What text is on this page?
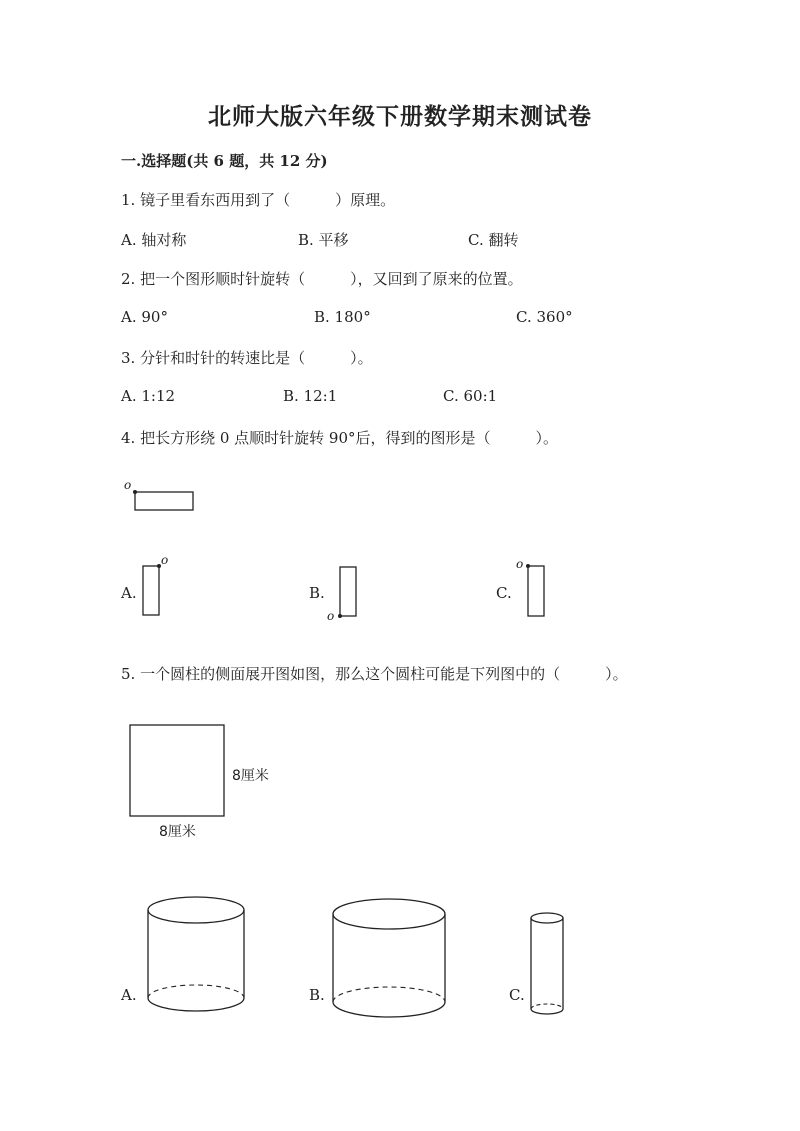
北师大版六年级下册数学期末测试卷
一.选择题(共 6 题，共 12 分)
1. 镜子里看东西用到了（　　　）原理。
A. 轴对称	B. 平移	C. 翻转
2. 把一个图形顺时针旋转（　　　），又回到了原来的位置。
A. 90°	B. 180°	C. 360°
3. 分针和时针的转速比是（　　　）。
A. 1:12	B. 12:1	C. 60:1
4. 把长方形绕 0 点顺时针旋转 90°后，得到的图形是（　　　）。
o
o
o
o
A.	B.	C.
5. 一个圆柱的侧面展开图如图，那么这个圆柱可能是下列图中的（　　　）。
8厘米
8厘米
A.	B.	C.
